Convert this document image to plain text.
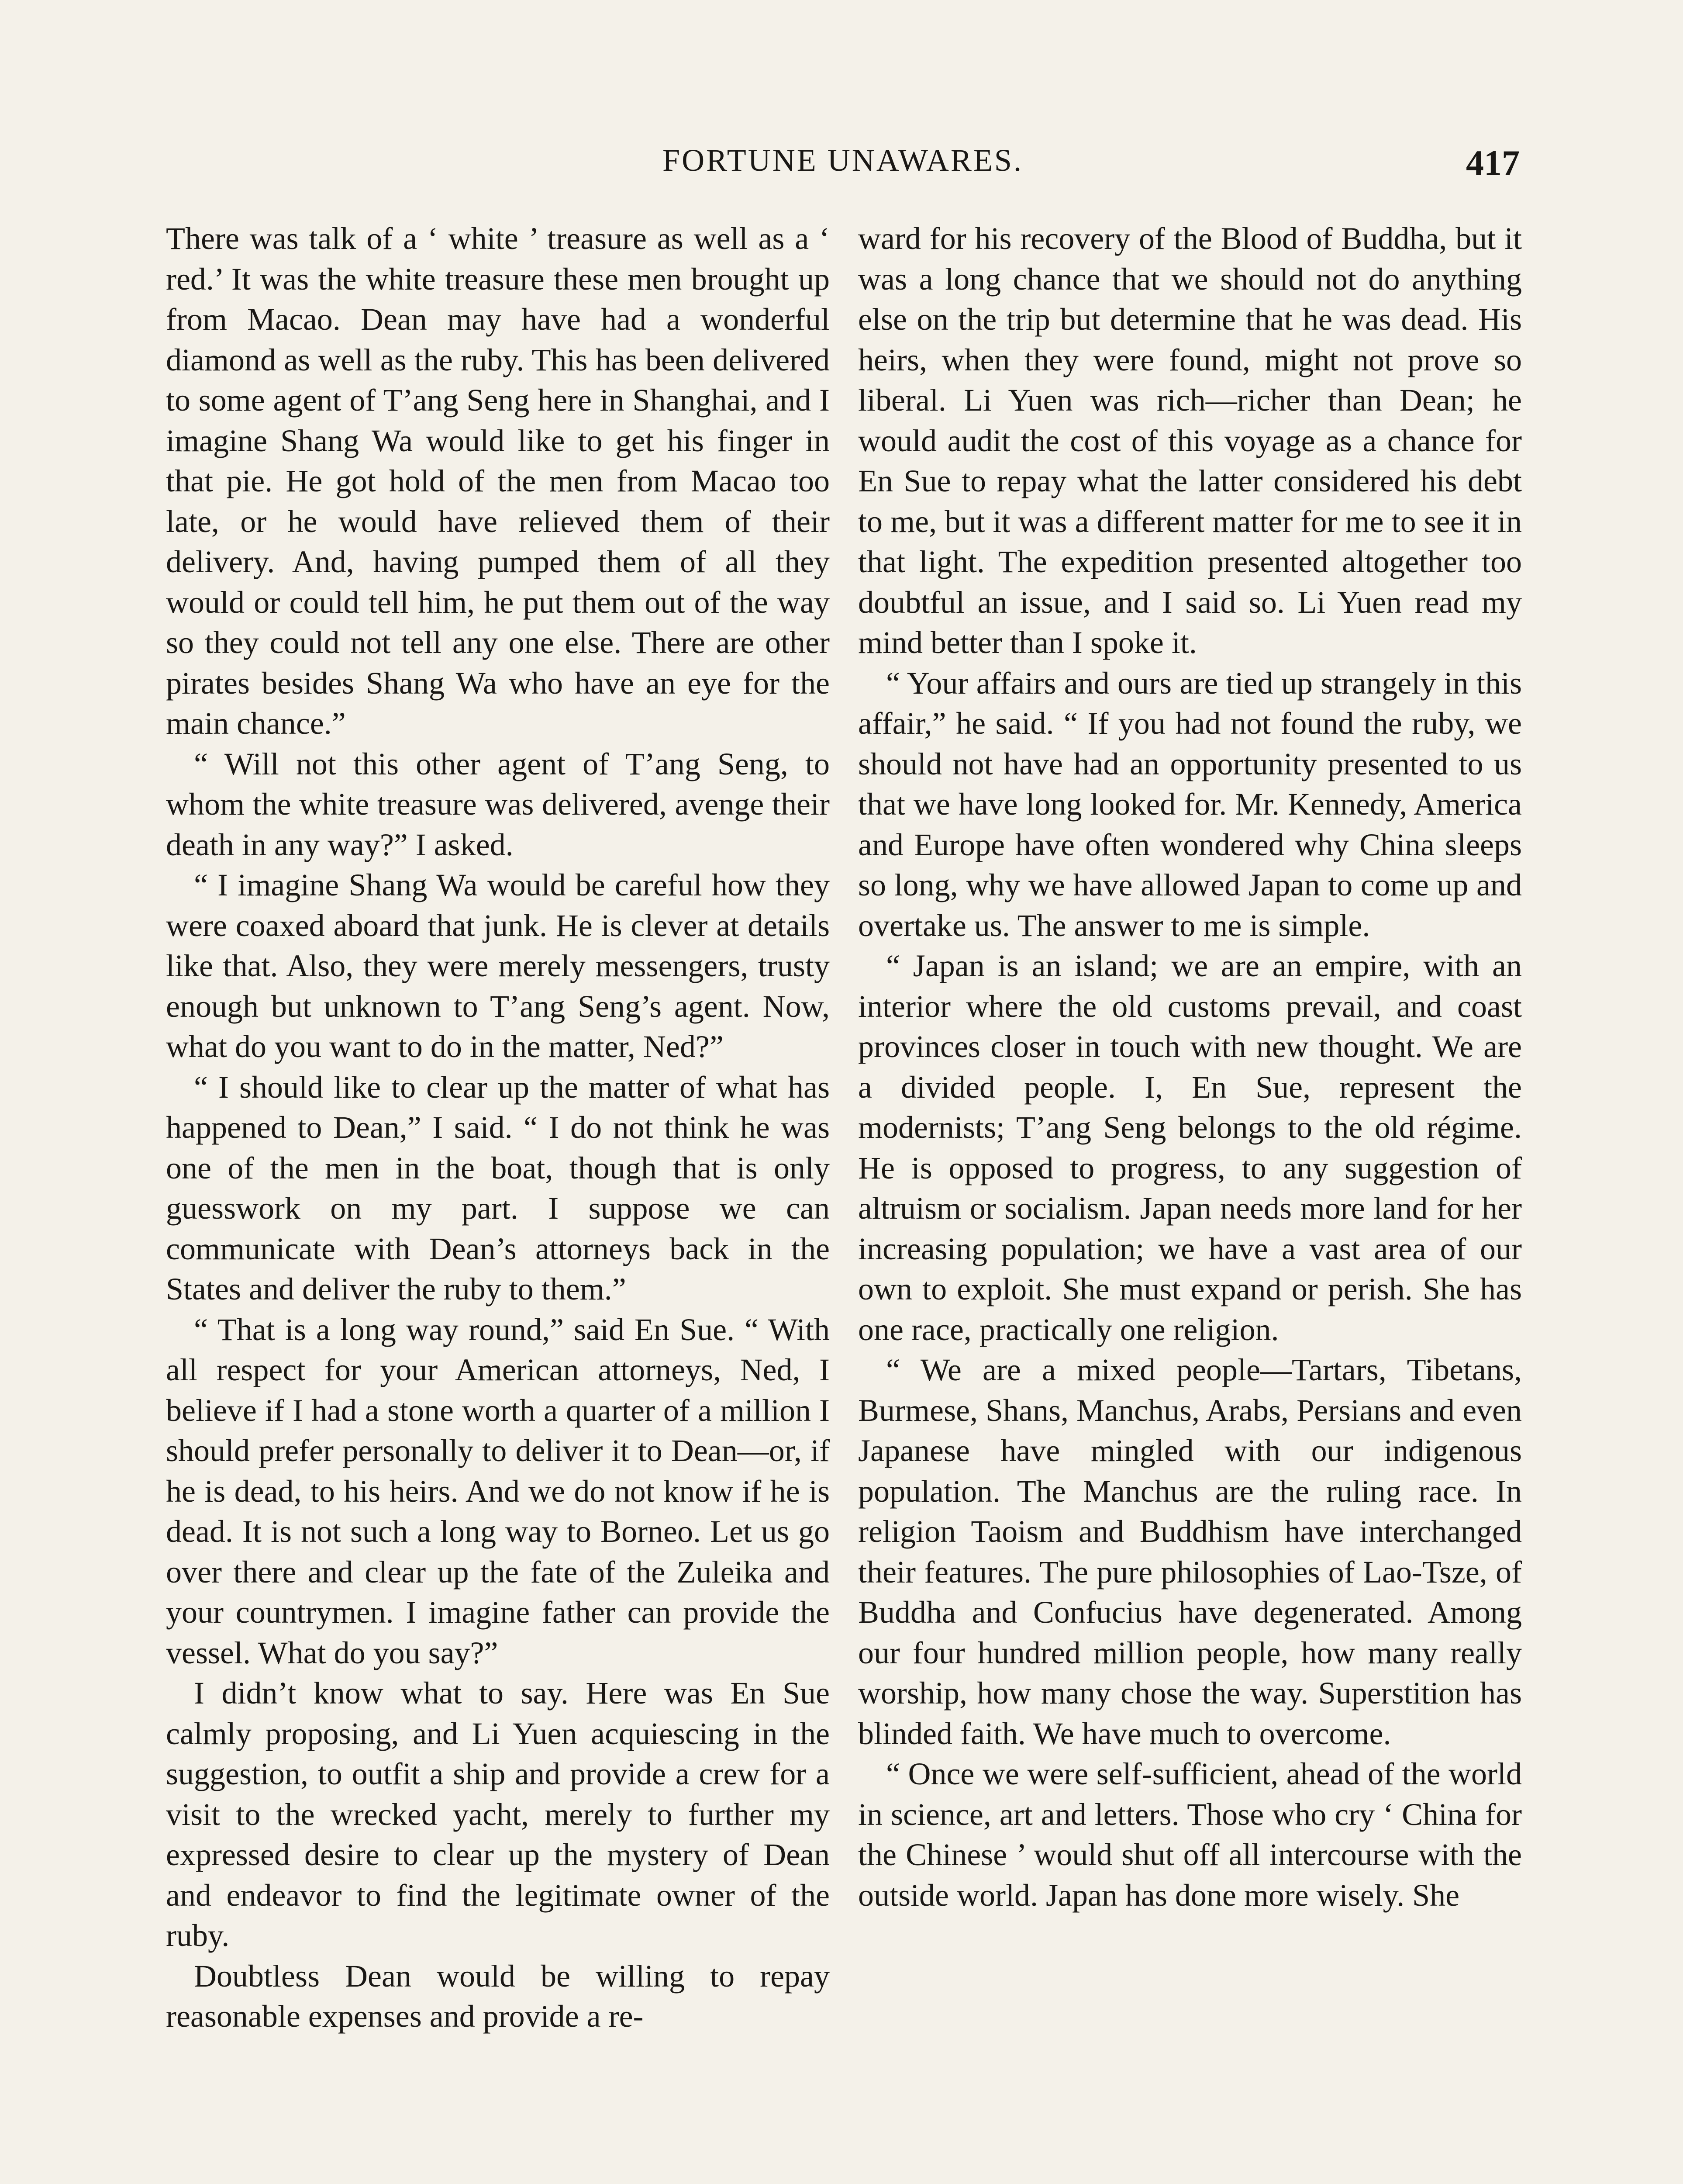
FORTUNE UNAWARES.	417

There was talk of a ‘ white ’ treasure as well as a ‘ red.’ It was the white treasure these men brought up from Macao. Dean may have had a wonderful diamond as well as the ruby. This has been delivered to some agent of T’ang Seng here in Shanghai, and I imagine Shang Wa would like to get his finger in that pie. He got hold of the men from Macao too late, or he would have relieved them of their delivery. And, having pumped them of all they would or could tell him, he put them out of the way so they could not tell any one else. There are other pirates besides Shang Wa who have an eye for the main chance.”

“ Will not this other agent of T’ang Seng, to whom the white treasure was delivered, avenge their death in any way?” I asked.

“ I imagine Shang Wa would be careful how they were coaxed aboard that junk. He is clever at details like that. Also, they were merely messengers, trusty enough but unknown to T’ang Seng’s agent. Now, what do you want to do in the matter, Ned?”

“ I should like to clear up the matter of what has happened to Dean,” I said. “ I do not think he was one of the men in the boat, though that is only guesswork on my part. I suppose we can communicate with Dean’s attorneys back in the States and deliver the ruby to them.”

“ That is a long way round,” said En Sue. “ With all respect for your American attorneys, Ned, I believe if I had a stone worth a quarter of a million I should prefer personally to deliver it to Dean—or, if he is dead, to his heirs. And we do not know if he is dead. It is not such a long way to Borneo. Let us go over there and clear up the fate of the Zuleika and your countrymen. I imagine father can provide the vessel. What do you say?”

I didn’t know what to say. Here was En Sue calmly proposing, and Li Yuen acquiescing in the suggestion, to outfit a ship and provide a crew for a visit to the wrecked yacht, merely to further my expressed desire to clear up the mystery of Dean and endeavor to find the legitimate owner of the ruby.

Doubtless Dean would be willing to repay reasonable expenses and provide a re-

ward for his recovery of the Blood of Buddha, but it was a long chance that we should not do anything else on the trip but determine that he was dead. His heirs, when they were found, might not prove so liberal. Li Yuen was rich—richer than Dean; he would audit the cost of this voyage as a chance for En Sue to repay what the latter considered his debt to me, but it was a different matter for me to see it in that light. The expedition presented altogether too doubtful an issue, and I said so. Li Yuen read my mind better than I spoke it.

“ Your affairs and ours are tied up strangely in this affair,” he said. “ If you had not found the ruby, we should not have had an opportunity presented to us that we have long looked for. Mr. Kennedy, America and Europe have often wondered why China sleeps so long, why we have allowed Japan to come up and overtake us. The answer to me is simple.

“ Japan is an island; we are an empire, with an interior where the old customs prevail, and coast provinces closer in touch with new thought. We are a divided people. I, En Sue, represent the modernists; T’ang Seng belongs to the old régime. He is opposed to progress, to any suggestion of altruism or socialism. Japan needs more land for her increasing population; we have a vast area of our own to exploit. She must expand or perish. She has one race, practically one religion.

“ We are a mixed people—Tartars, Tibetans, Burmese, Shans, Manchus, Arabs, Persians and even Japanese have mingled with our indigenous population. The Manchus are the ruling race. In religion Taoism and Buddhism have interchanged their features. The pure philosophies of Lao-Tsze, of Buddha and Confucius have degenerated. Among our four hundred million people, how many really worship, how many chose the way. Superstition has blinded faith. We have much to overcome.

“ Once we were self-sufficient, ahead of the world in science, art and letters. Those who cry ‘ China for the Chinese ’ would shut off all intercourse with the outside world. Japan has done more wisely. She
